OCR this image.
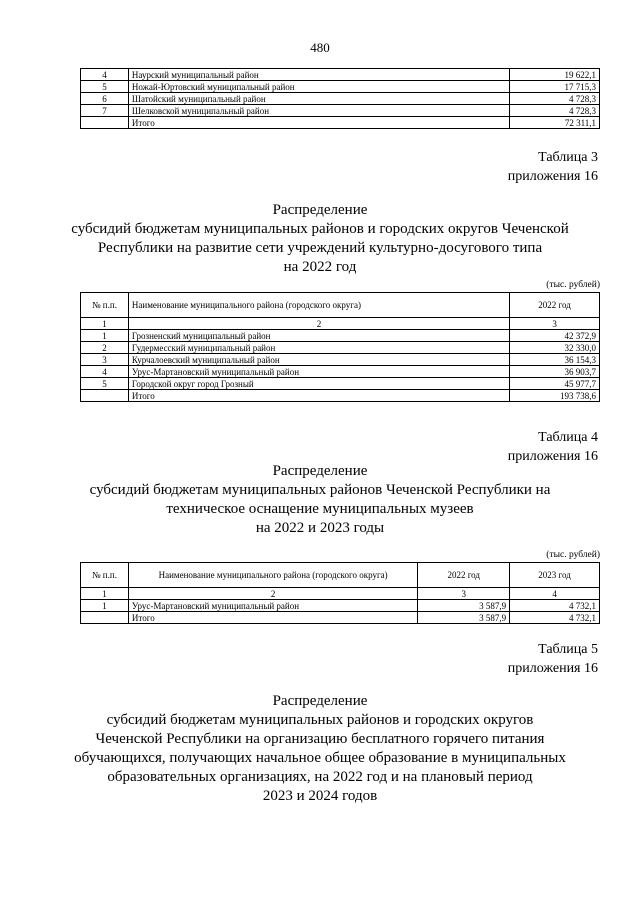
480
4	Наурский муниципальный район	19 622,1
5	Ножай-Юртовский муниципальный район	17 715,3
6	Шатойский муниципальный район	4 728,3
7	Шелковской муниципальный район	4 728,3
	Итого	72 311,1
Таблица 3
приложения 16
Распределение
субсидий бюджетам муниципальных районов и городских округов Чеченской
Республики на развитие сети учреждений культурно-досугового типа
на 2022 год
(тыс. рублей)
№ п.п.	Наименование муниципального района (городского округа)	2022 год
1	2	3
1	Грозненский муниципальный район	42 372,9
2	Гудермесский муниципальный район	32 330,0
3	Курчалоевский муниципальный район	36 154,3
4	Урус-Мартановский муниципальный район	36 903,7
5	Городской округ город Грозный	45 977,7
	Итого	193 738,6
Таблица 4
приложения 16
Распределение
субсидий бюджетам муниципальных районов Чеченской Республики на
техническое оснащение муниципальных музеев
на 2022 и 2023 годы
(тыс. рублей)
№ п.п.	Наименование муниципального района (городского округа)	2022 год	2023 год
1	2	3	4
1	Урус-Мартановский муниципальный район	3 587,9	4 732,1
	Итого	3 587,9	4 732,1
Таблица 5
приложения 16
Распределение
субсидий бюджетам муниципальных районов и городских округов
Чеченской Республики на организацию бесплатного горячего питания
обучающихся, получающих начальное общее образование в муниципальных
образовательных организациях, на 2022 год и на плановый период
2023 и 2024 годов
